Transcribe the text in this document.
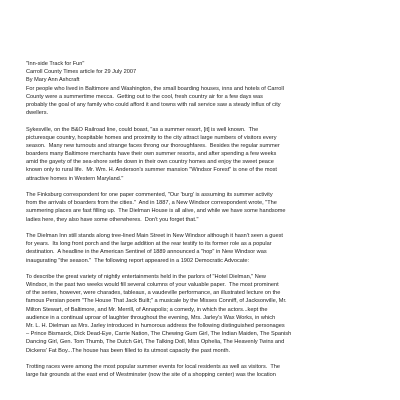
"Inn-side Track for Fun"
Carroll County Times article for 29 July 2007
By Mary Ann Ashcraft
For people who lived in Baltimore and Washington, the small boarding houses, inns and hotels of Carroll
County were a summertime mecca.  Getting out to the cool, fresh country air for a few days was
probably the goal of any family who could afford it and towns with rail service saw a steady influx of city
dwellers.
Sykesville, on the B&O Railroad line, could boast, "as a summer resort, [it] is well known.  The
picturesque country, hospitable homes and proximity to the city attract large numbers of visitors every
season.  Many new turnouts and strange faces throng our thoroughfares.  Besides the regular summer
boarders many Baltimore merchants have their own summer resorts, and after spending a few weeks
amid the gayety of the sea-shore settle down in their own country homes and enjoy the sweet peace
known only to rural life.  Mr. Wm. H. Anderson's summer mansion "Windsor Forest" is one of the most
attractive homes in Western Maryland."
The Finksburg correspondent for one paper commented, "Our 'burg' is assuming its summer activity
from the arrivals of boarders from the cities."  And in 1887, a New Windsor correspondent wrote, "The
summering places are fast filling up.  The Dielman House is all alive, and while we have some handsome
ladies here, they also have some otherwheres.  Don't you forget that."
The Dielman Inn still stands along tree-lined Main Street in New Windsor although it hasn't seen a guest
for years.  Its long front porch and the large addition at the rear testify to its former role as a popular
destination.  A headline in the American Sentinel of 1889 announced a "hop" in New Windsor was
inaugurating "the season."  The following report appeared in a 1902 Democratic Advocate:
To describe the great variety of nightly entertainments held in the parlors of "Hotel Dielman," New
Windsor, in the past two weeks would fill several columns of your valuable paper.  The most prominent
of the series, however, were charades, tableaux, a vaudeville performance, an illustrated lecture on the
famous Persian poem "The House That Jack Built;" a musicale by the Misses Conniff, of Jacksonville, Mr.
Milton Stewart, of Baltimore, and Mr. Merrill, of Annapolis; a comedy, in which the actors...kept the
audience in a continual uproar of laughter throughout the evening, Mrs. Jarley's Wax Works, in which
Mr. L. H. Dielman as Mrs. Jarley introduced in humorous address the following distinguished personages
– Prince Bismarck, Dick Dead-Eye, Carrie Nation, The Chewing Gum Girl, The Indian Maiden, The Spanish
Dancing Girl, Gen. Tom Thumb, The Dutch Girl, The Talking Doll, Miss Ophelia, The Heavenly Twins and
Dickens' Fat Boy...The house has been filled to its utmost capacity the past month.
Trotting races were among the most popular summer events for local residents as well as visitors.  The
large fair grounds at the east end of Westminster (now the site of a shopping center) was the location
